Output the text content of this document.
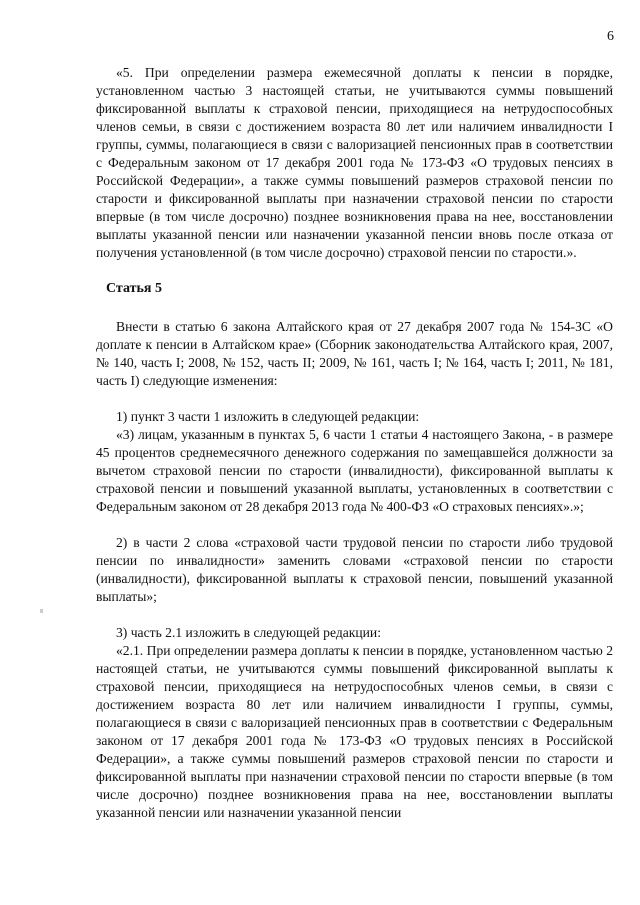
6

«5. При определении размера ежемесячной доплаты к пенсии в порядке, установленном частью 3 настоящей статьи, не учитываются суммы повышений фиксированной выплаты к страховой пенсии, приходящиеся на нетрудоспособных членов семьи, в связи с достижением возраста 80 лет или наличием инвалидности I группы, суммы, полагающиеся в связи с валоризацией пенсионных прав в соответствии с Федеральным законом от 17 декабря 2001 года № 173-ФЗ «О трудовых пенсиях в Российской Федерации», а также суммы повышений размеров страховой пенсии по старости и фиксированной выплаты при назначении страховой пенсии по старости впервые (в том числе досрочно) позднее возникновения права на нее, восстановлении выплаты указанной пенсии или назначении указанной пенсии вновь после отказа от получения установленной (в том числе досрочно) страховой пенсии по старости.».

Статья 5

Внести в статью 6 закона Алтайского края от 27 декабря 2007 года № 154-ЗС «О доплате к пенсии в Алтайском крае» (Сборник законодательства Алтайского края, 2007, № 140, часть I; 2008, № 152, часть II; 2009, № 161, часть I; № 164, часть I; 2011, № 181, часть I) следующие изменения:

1) пункт 3 части 1 изложить в следующей редакции:

«3) лицам, указанным в пунктах 5, 6 части 1 статьи 4 настоящего Закона, - в размере 45 процентов среднемесячного денежного содержания по замещавшейся должности за вычетом страховой пенсии по старости (инвалидности), фиксированной выплаты к страховой пенсии и повышений указанной выплаты, установленных в соответствии с Федеральным законом от 28 декабря 2013 года № 400-ФЗ «О страховых пенсиях».»;

2) в части 2 слова «страховой части трудовой пенсии по старости либо трудовой пенсии по инвалидности» заменить словами «страховой пенсии по старости (инвалидности), фиксированной выплаты к страховой пенсии, повышений указанной выплаты»;

3) часть 2.1 изложить в следующей редакции:

«2.1. При определении размера доплаты к пенсии в порядке, установленном частью 2 настоящей статьи, не учитываются суммы повышений фиксированной выплаты к страховой пенсии, приходящиеся на нетрудоспособных членов семьи, в связи с достижением возраста 80 лет или наличием инвалидности I группы, суммы, полагающиеся в связи с валоризацией пенсионных прав в соответствии с Федеральным законом от 17 декабря 2001 года № 173-ФЗ «О трудовых пенсиях в Российской Федерации», а также суммы повышений размеров страховой пенсии по старости и фиксированной выплаты при назначении страховой пенсии по старости впервые (в том числе досрочно) позднее возникновения права на нее, восстановлении выплаты указанной пенсии или назначении указанной пенсии
